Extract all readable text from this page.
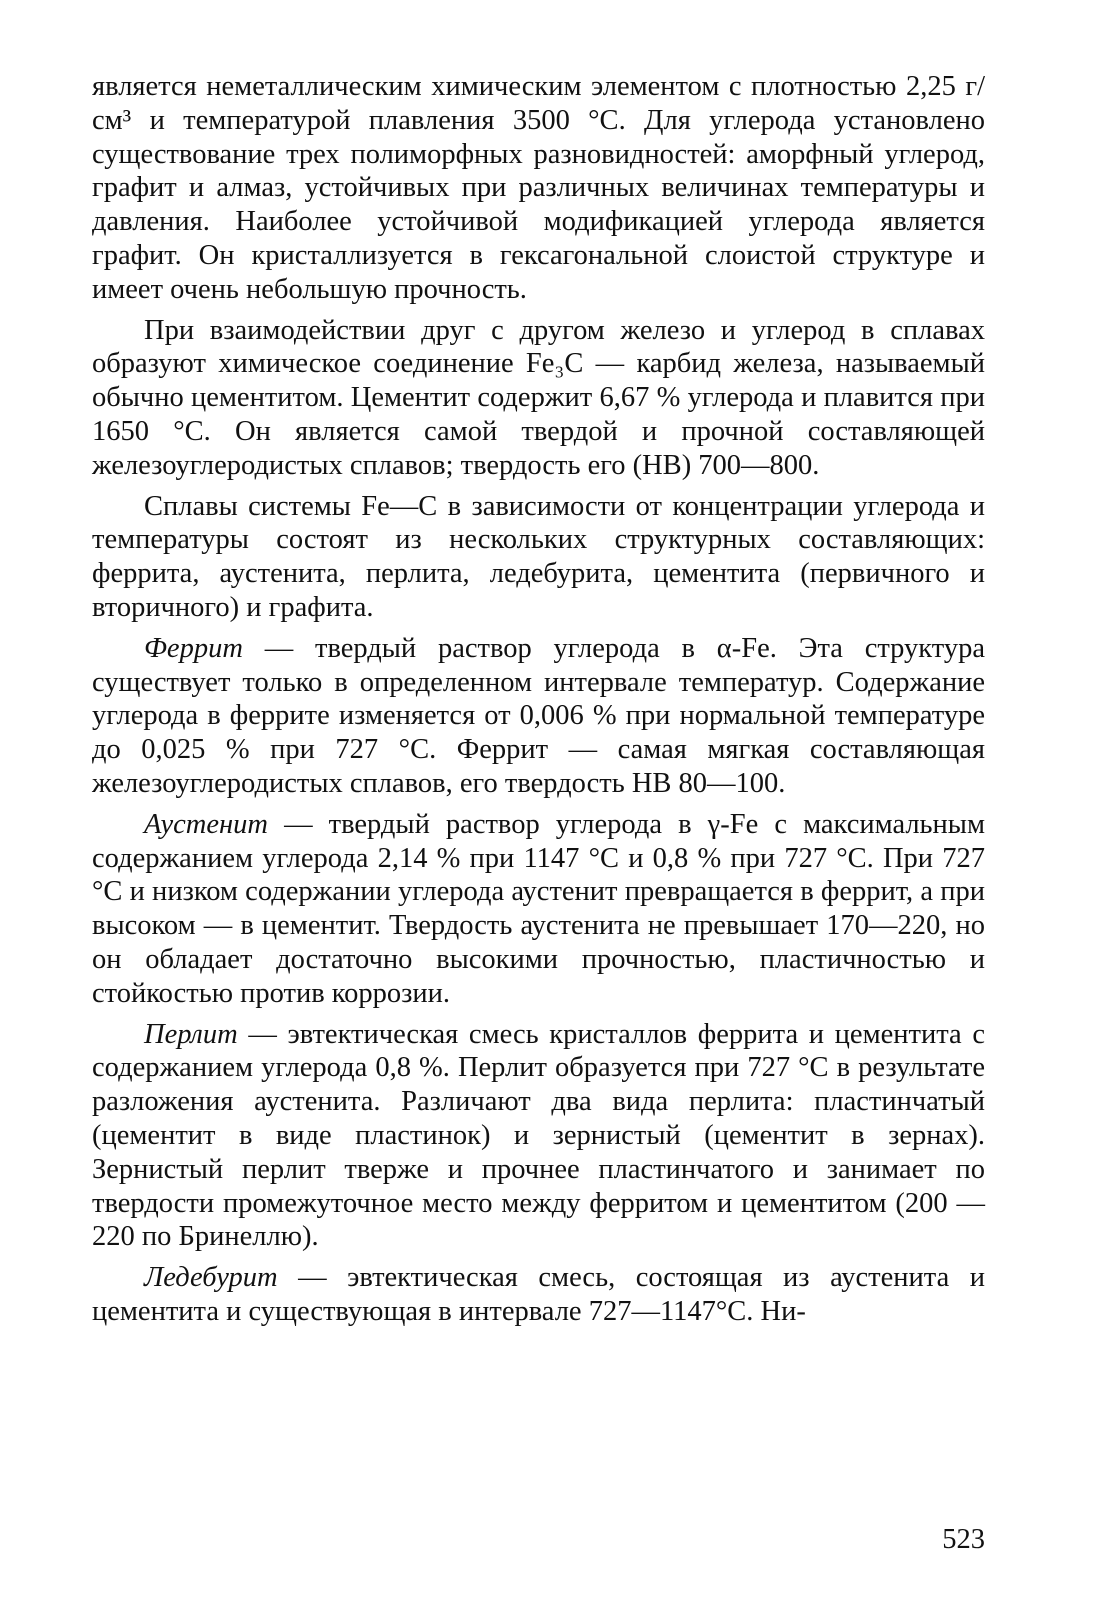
является неметаллическим химическим элементом с плотностью 2,25 г/см³ и температурой плавления 3500 °С. Для углерода установлено существование трех полиморфных разновидностей: аморфный углерод, графит и алмаз, устойчивых при различных величинах температуры и давления. Наиболее устойчивой модификацией углерода является графит. Он кристаллизуется в гексагональной слоистой структуре и имеет очень небольшую прочность.

При взаимодействии друг с другом железо и углерод в сплавах образуют химическое соединение Fe₃C — карбид железа, называемый обычно цементитом. Цементит содержит 6,67 % углерода и плавится при 1650 °С. Он является самой твердой и прочной составляющей железоуглеродистых сплавов; твердость его (НВ) 700—800.

Сплавы системы Fe—C в зависимости от концентрации углерода и температуры состоят из нескольких структурных составляющих: феррита, аустенита, перлита, ледебурита, цементита (первичного и вторичного) и графита.

Феррит — твердый раствор углерода в α-Fe. Эта структура существует только в определенном интервале температур. Содержание углерода в феррите изменяется от 0,006 % при нормальной температуре до 0,025 % при 727 °С. Феррит — самая мягкая составляющая железоуглеродистых сплавов, его твердость НВ 80—100.

Аустенит — твердый раствор углерода в γ-Fe с максимальным содержанием углерода 2,14 % при 1147 °С и 0,8 % при 727 °С. При 727 °С и низком содержании углерода аустенит превращается в феррит, а при высоком — в цементит. Твердость аустенита не превышает 170—220, но он обладает достаточно высокими прочностью, пластичностью и стойкостью против коррозии.

Перлит — эвтектическая смесь кристаллов феррита и цементита с содержанием углерода 0,8 %. Перлит образуется при 727 °С в результате разложения аустенита. Различают два вида перлита: пластинчатый (цементит в виде пластинок) и зернистый (цементит в зернах). Зернистый перлит тверже и прочнее пластинчатого и занимает по твердости промежуточное место между ферритом и цементитом (200 — 220 по Бринеллю).

Ледебурит — эвтектическая смесь, состоящая из аустенита и цементита и существующая в интервале 727—1147°С. Ни-

523
